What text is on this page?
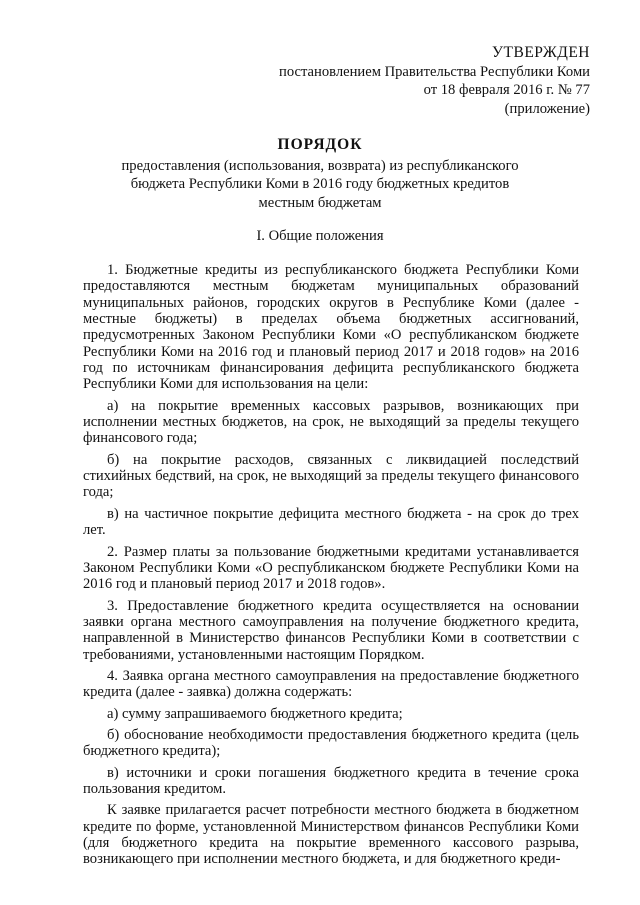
УТВЕРЖДЕН
постановлением Правительства Республики Коми
от 18 февраля 2016 г. № 77
(приложение)
ПОРЯДОК
предоставления (использования, возврата) из республиканского
бюджета Республики Коми в 2016 году бюджетных кредитов
местным бюджетам
I. Общие положения

1. Бюджетные кредиты из республиканского бюджета Республики Коми предоставляются местным бюджетам муниципальных образований муниципальных районов, городских округов в Республике Коми (далее - местные бюджеты) в пределах объема бюджетных ассигнований, предусмотренных Законом Республики Коми «О республиканском бюджете Республики Коми на 2016 год и плановый период 2017 и 2018 годов» на 2016 год по источникам финансирования дефицита республиканского бюджета Республики Коми для использования на цели:

а) на покрытие временных кассовых разрывов, возникающих при исполнении местных бюджетов, на срок, не выходящий за пределы текущего финансового года;

б) на покрытие расходов, связанных с ликвидацией последствий стихийных бедствий, на срок, не выходящий за пределы текущего финансового года;

в) на частичное покрытие дефицита местного бюджета - на срок до трех лет.

2. Размер платы за пользование бюджетными кредитами устанавливается Законом Республики Коми «О республиканском бюджете Республики Коми на 2016 год и плановый период 2017 и 2018 годов».

3. Предоставление бюджетного кредита осуществляется на основании заявки органа местного самоуправления на получение бюджетного кредита, направленной в Министерство финансов Республики Коми в соответствии с требованиями, установленными настоящим Порядком.

4. Заявка органа местного самоуправления на предоставление бюджетного кредита (далее - заявка) должна содержать:

а) сумму запрашиваемого бюджетного кредита;

б) обоснование необходимости предоставления бюджетного кредита (цель бюджетного кредита);

в) источники и сроки погашения бюджетного кредита в течение срока пользования кредитом.

К заявке прилагается расчет потребности местного бюджета в бюджетном кредите по форме, установленной Министерством финансов Республики Коми (для бюджетного кредита на покрытие временного кассового разрыва, возникающего при исполнении местного бюджета, и для бюджетного креди-
